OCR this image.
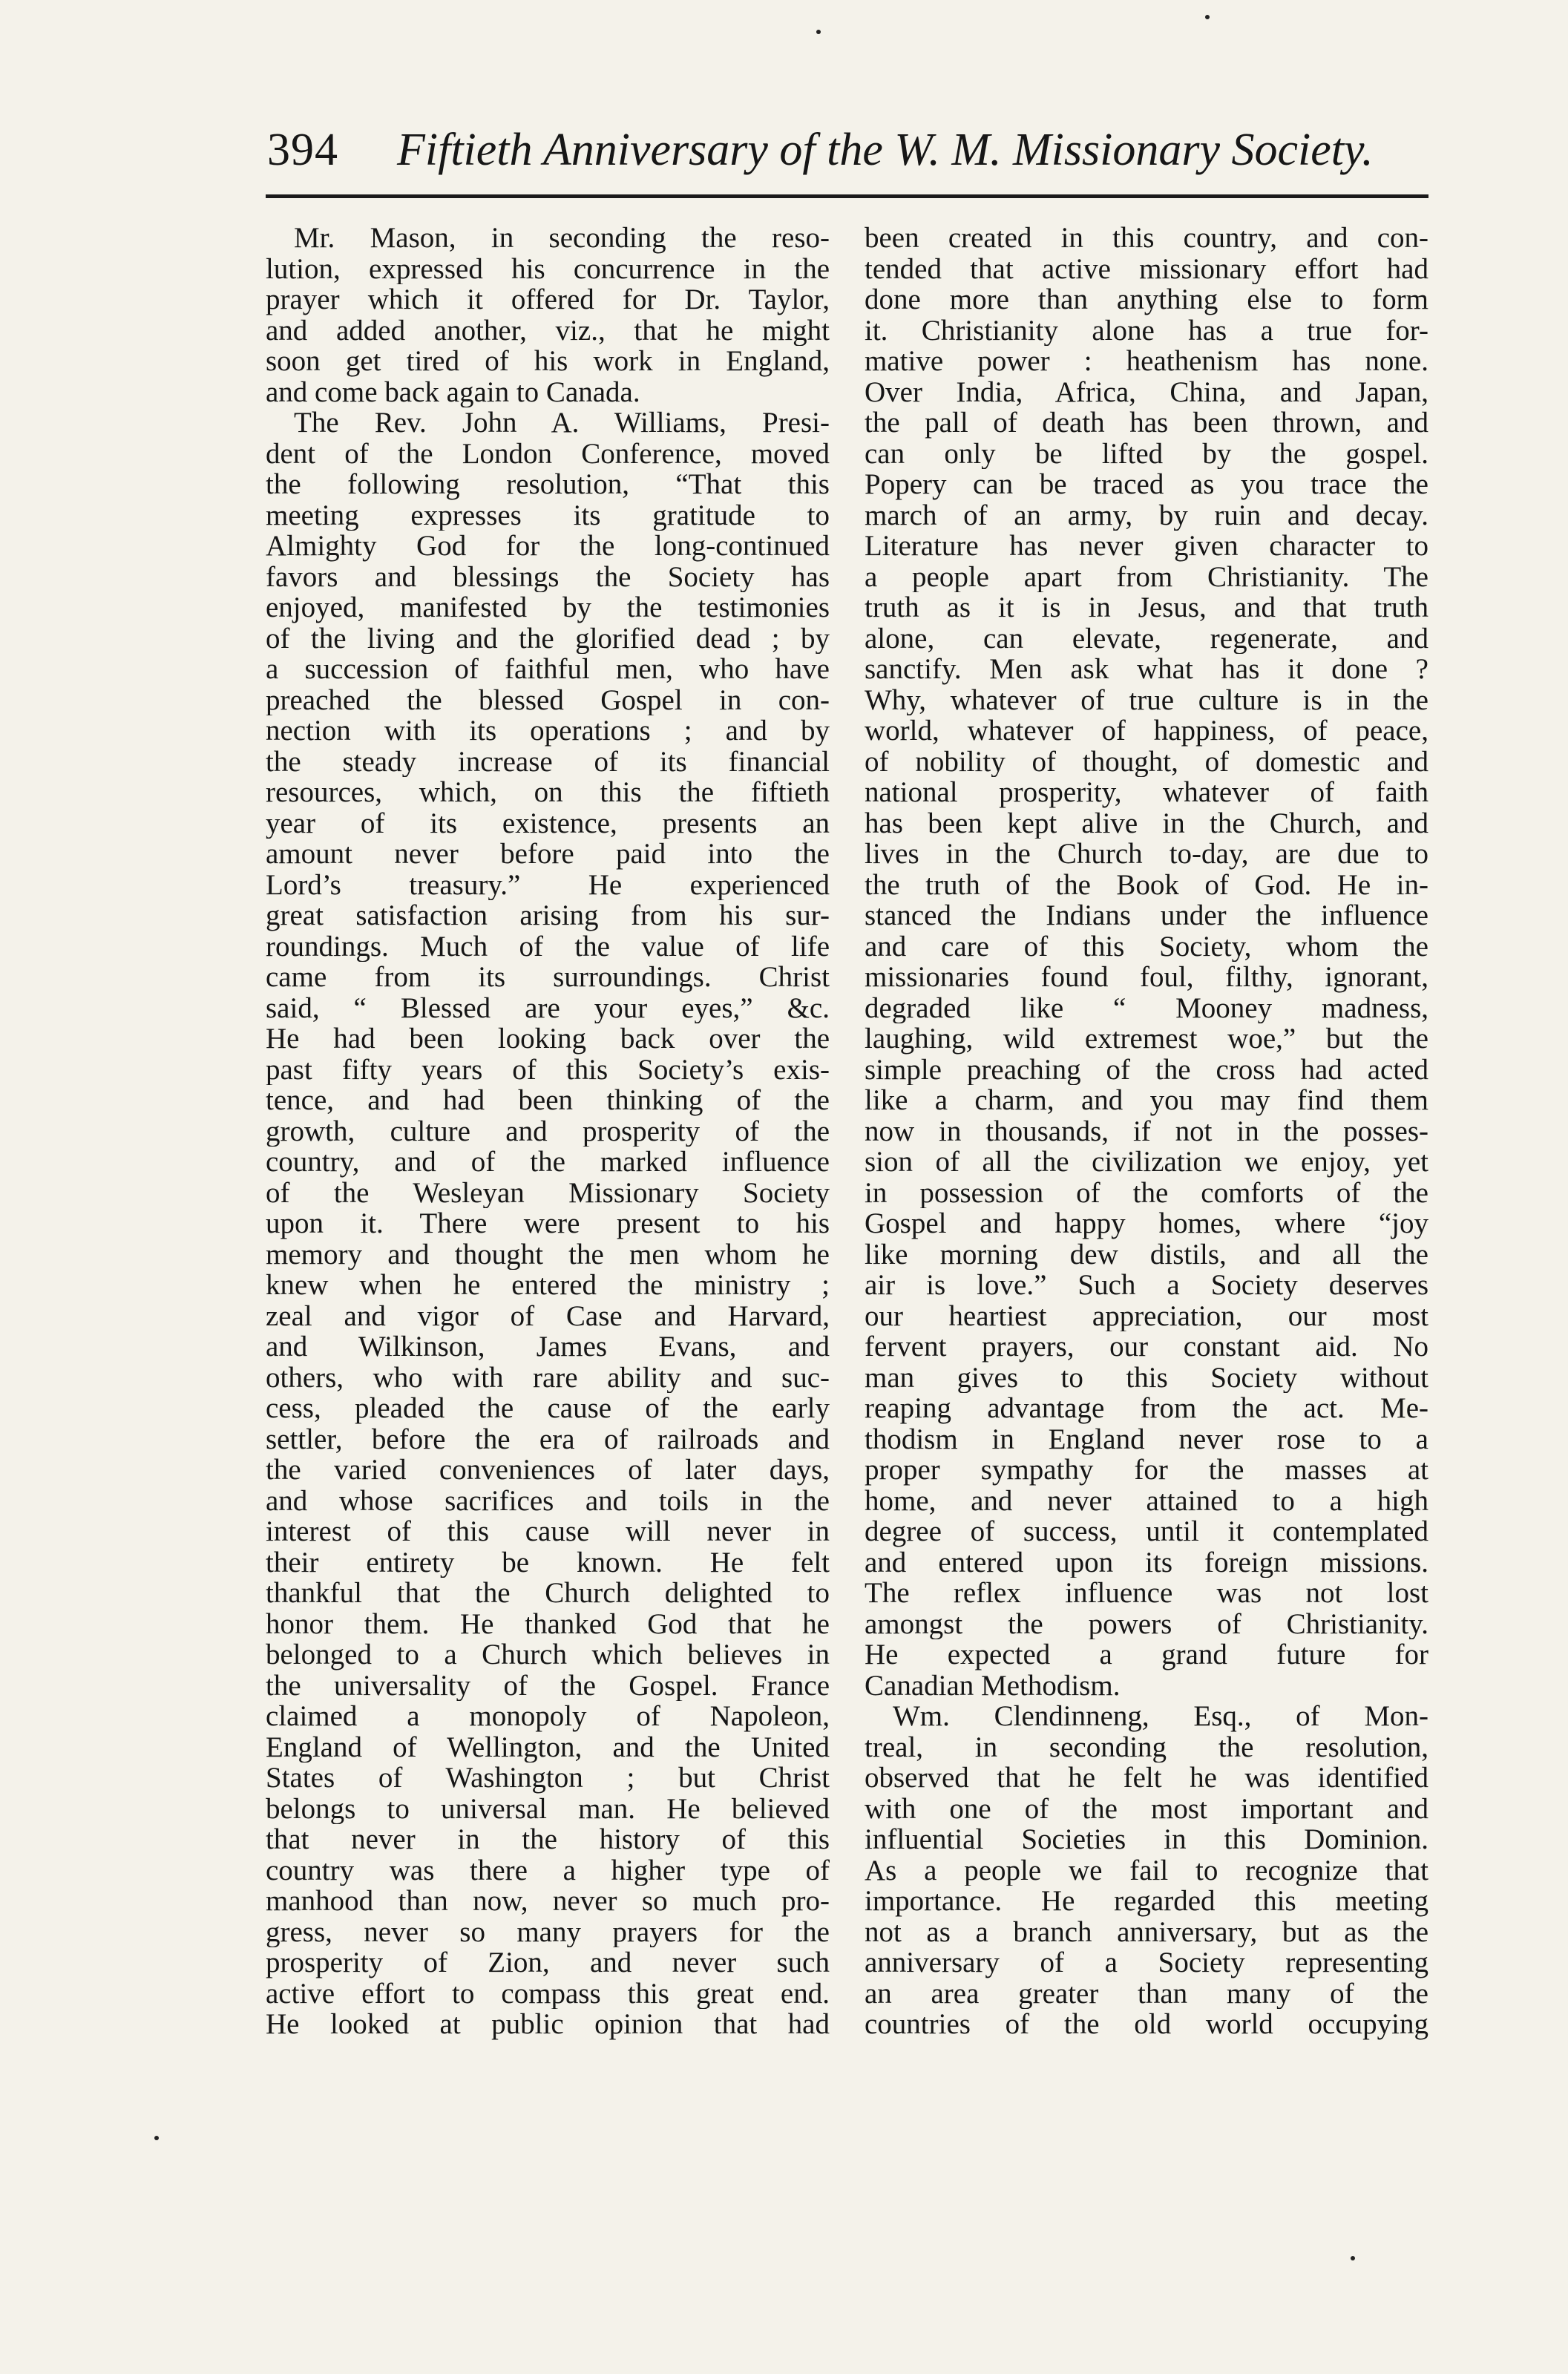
394 Fiftieth Anniversary of the W. M. Missionary Society.
Mr. Mason, in seconding the reso-
lution, expressed his concurrence in the
prayer which it offered for Dr. Taylor,
and added another, viz., that he might
soon get tired of his work in England,
and come back again to Canada.
The Rev. John A. Williams, Presi-
dent of the London Conference, moved
the following resolution, “That this
meeting expresses its gratitude to
Almighty God for the long-continued
favors and blessings the Society has
enjoyed, manifested by the testimonies
of the living and the glorified dead ; by
a succession of faithful men, who have
preached the blessed Gospel in con-
nection with its operations ; and by
the steady increase of its financial
resources, which, on this the fiftieth
year of its existence, presents an
amount never before paid into the
Lord’s treasury.” He experienced
great satisfaction arising from his sur-
roundings. Much of the value of life
came from its surroundings. Christ
said, “ Blessed are your eyes,” &c.
He had been looking back over the
past fifty years of this Society’s exis-
tence, and had been thinking of the
growth, culture and prosperity of the
country, and of the marked influence
of the Wesleyan Missionary Society
upon it. There were present to his
memory and thought the men whom he
knew when he entered the ministry ;
zeal and vigor of Case and Harvard,
and Wilkinson, James Evans, and
others, who with rare ability and suc-
cess, pleaded the cause of the early
settler, before the era of railroads and
the varied conveniences of later days,
and whose sacrifices and toils in the
interest of this cause will never in
their entirety be known. He felt
thankful that the Church delighted to
honor them. He thanked God that he
belonged to a Church which believes in
the universality of the Gospel. France
claimed a monopoly of Napoleon,
England of Wellington, and the United
States of Washington ; but Christ
belongs to universal man. He believed
that never in the history of this
country was there a higher type of
manhood than now, never so much pro-
gress, never so many prayers for the
prosperity of Zion, and never such
active effort to compass this great end.
He looked at public opinion that had
been created in this country, and con-
tended that active missionary effort had
done more than anything else to form
it. Christianity alone has a true for-
mative power : heathenism has none.
Over India, Africa, China, and Japan,
the pall of death has been thrown, and
can only be lifted by the gospel.
Popery can be traced as you trace the
march of an army, by ruin and decay.
Literature has never given character to
a people apart from Christianity. The
truth as it is in Jesus, and that truth
alone, can elevate, regenerate, and
sanctify. Men ask what has it done ?
Why, whatever of true culture is in the
world, whatever of happiness, of peace,
of nobility of thought, of domestic and
national prosperity, whatever of faith
has been kept alive in the Church, and
lives in the Church to-day, are due to
the truth of the Book of God. He in-
stanced the Indians under the influence
and care of this Society, whom the
missionaries found foul, filthy, ignorant,
degraded like “ Mooney madness,
laughing, wild extremest woe,” but the
simple preaching of the cross had acted
like a charm, and you may find them
now in thousands, if not in the posses-
sion of all the civilization we enjoy, yet
in possession of the comforts of the
Gospel and happy homes, where “joy
like morning dew distils, and all the
air is love.” Such a Society deserves
our heartiest appreciation, our most
fervent prayers, our constant aid. No
man gives to this Society without
reaping advantage from the act. Me-
thodism in England never rose to a
proper sympathy for the masses at
home, and never attained to a high
degree of success, until it contemplated
and entered upon its foreign missions.
The reflex influence was not lost
amongst the powers of Christianity.
He expected a grand future for
Canadian Methodism.
Wm. Clendinneng, Esq., of Mon-
treal, in seconding the resolution,
observed that he felt he was identified
with one of the most important and
influential Societies in this Dominion.
As a people we fail to recognize that
importance. He regarded this meeting
not as a branch anniversary, but as the
anniversary of a Society representing
an area greater than many of the
countries of the old world occupying
